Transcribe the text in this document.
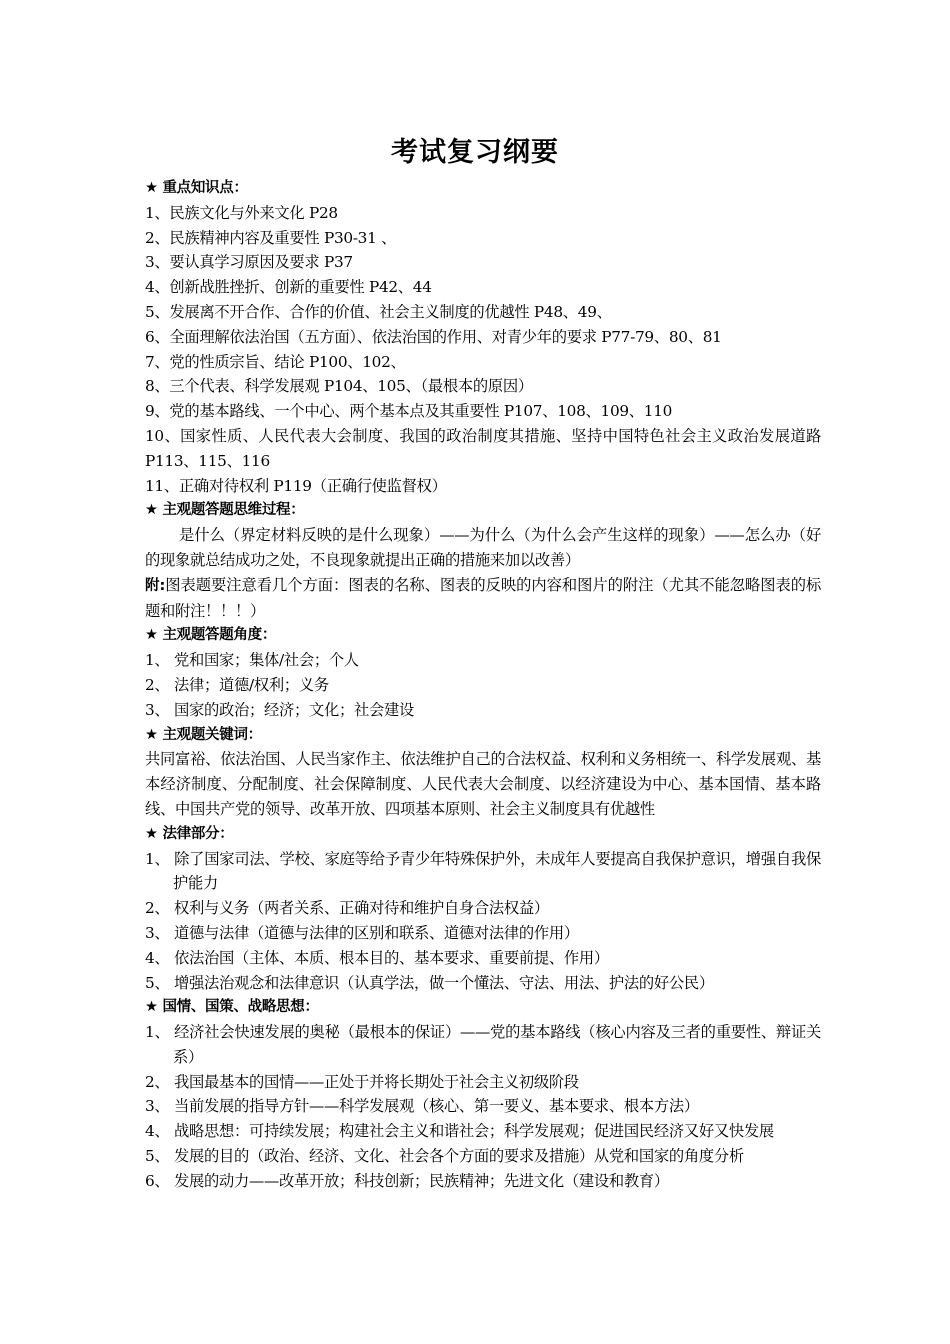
考试复习纲要
★ 重点知识点：
1、民族文化与外来文化 P28
2、民族精神内容及重要性 P30-31 、
3、要认真学习原因及要求 P37
4、创新战胜挫折、创新的重要性 P42、44
5、发展离不开合作、合作的价值、社会主义制度的优越性 P48、49、
6、全面理解依法治国（五方面）、依法治国的作用、对青少年的要求 P77-79、80、81
7、党的性质宗旨、结论 P100、102、
8、三个代表、科学发展观 P104、105、（最根本的原因）
9、党的基本路线、一个中心、两个基本点及其重要性 P107、108、109、110
10、国家性质、人民代表大会制度、我国的政治制度其措施、坚持中国特色社会主义政治发展道路 P113、115、116
11、正确对待权利 P119（正确行使监督权）
★ 主观题答题思维过程：
是什么（界定材料反映的是什么现象）——为什么（为什么会产生这样的现象）——怎么办（好的现象就总结成功之处，不良现象就提出正确的措施来加以改善）
附:图表题要注意看几个方面：图表的名称、图表的反映的内容和图片的附注（尤其不能忽略图表的标题和附注！！！）
★ 主观题答题角度：
1、 党和国家；集体/社会；个人
2、 法律；道德/权利；义务
3、 国家的政治；经济；文化；社会建设
★ 主观题关键词：
共同富裕、依法治国、人民当家作主、依法维护自己的合法权益、权利和义务相统一、科学发展观、基本经济制度、分配制度、社会保障制度、人民代表大会制度、以经济建设为中心、基本国情、基本路线、中国共产党的领导、改革开放、四项基本原则、社会主义制度具有优越性
★ 法律部分：
1、 除了国家司法、学校、家庭等给予青少年特殊保护外，未成年人要提高自我保护意识，增强自我保护能力
2、 权利与义务（两者关系、正确对待和维护自身合法权益）
3、 道德与法律（道德与法律的区别和联系、道德对法律的作用）
4、 依法治国（主体、本质、根本目的、基本要求、重要前提、作用）
5、 增强法治观念和法律意识（认真学法，做一个懂法、守法、用法、护法的好公民）
★ 国情、国策、战略思想：
1、 经济社会快速发展的奥秘（最根本的保证）——党的基本路线（核心内容及三者的重要性、辩证关系）
2、 我国最基本的国情——正处于并将长期处于社会主义初级阶段
3、 当前发展的指导方针——科学发展观（核心、第一要义、基本要求、根本方法）
4、 战略思想：可持续发展；构建社会主义和谐社会；科学发展观；促进国民经济又好又快发展
5、 发展的目的（政治、经济、文化、社会各个方面的要求及措施）从党和国家的角度分析
6、 发展的动力——改革开放；科技创新；民族精神；先进文化（建设和教育）
